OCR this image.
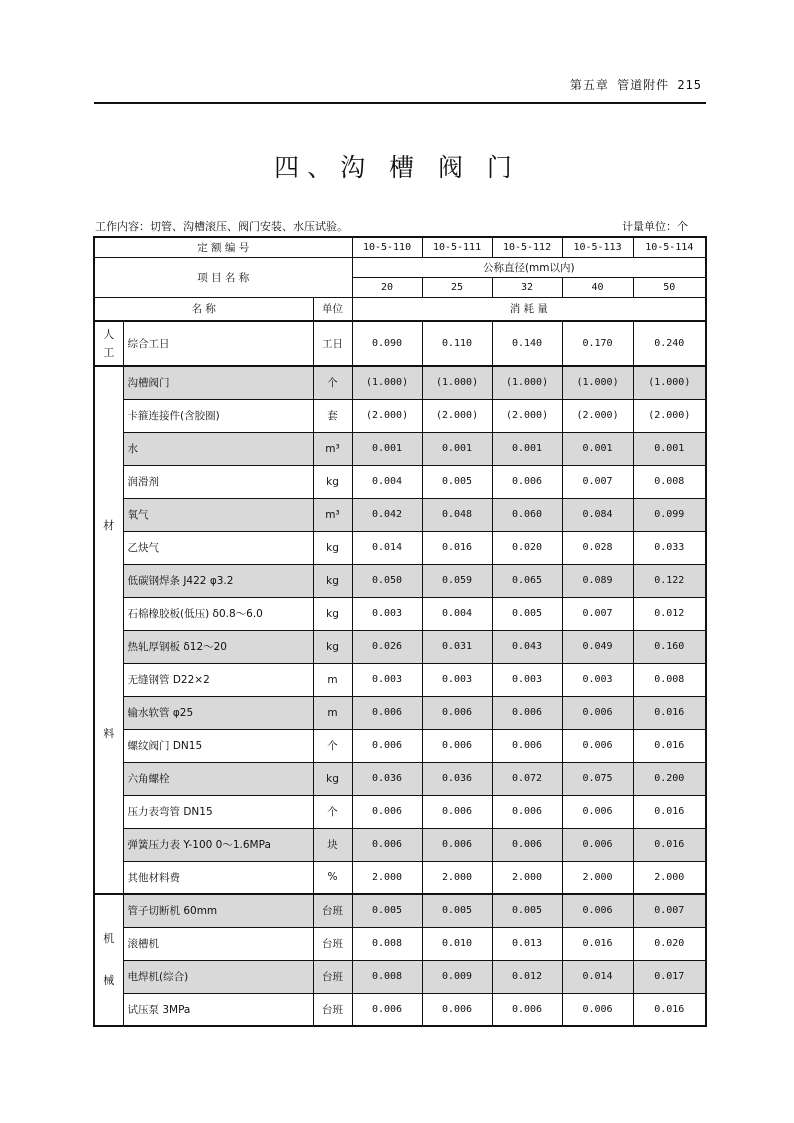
第五章 管道附件 215
四、沟 槽 阀 门
工作内容：切管、沟槽滚压、阀门安装、水压试验。	计量单位：个
定 额 编 号			10-5-110	10-5-111	10-5-112	10-5-113	10-5-114
项 目 名 称			公称直径(mm以内)				
			20	25	32	40	50
名 称		单位	消 耗 量				

人
工	综合工日	工日	0.090	0.110	0.140	0.170	0.240

材
料	沟槽阀门	个	(1.000)	(1.000)	(1.000)	(1.000)	(1.000)
	卡箍连接件(含胶圈)	套	(2.000)	(2.000)	(2.000)	(2.000)	(2.000)
	水	m³	0.001	0.001	0.001	0.001	0.001
	润滑剂	kg	0.004	0.005	0.006	0.007	0.008
	氧气	m³	0.042	0.048	0.060	0.084	0.099
	乙炔气	kg	0.014	0.016	0.020	0.028	0.033
	低碳钢焊条 J422 φ3.2	kg	0.050	0.059	0.065	0.089	0.122
	石棉橡胶板(低压) δ0.8～6.0	kg	0.003	0.004	0.005	0.007	0.012
	热轧厚钢板 δ12～20	kg	0.026	0.031	0.043	0.049	0.160
	无缝钢管 D22×2	m	0.003	0.003	0.003	0.003	0.008
	输水软管 φ25	m	0.006	0.006	0.006	0.006	0.016
	螺纹阀门 DN15	个	0.006	0.006	0.006	0.006	0.016
	六角螺栓	kg	0.036	0.036	0.072	0.075	0.200
	压力表弯管 DN15	个	0.006	0.006	0.006	0.006	0.016
	弹簧压力表 Y-100 0～1.6MPa	块	0.006	0.006	0.006	0.006	0.016
	其他材料费	%	2.000	2.000	2.000	2.000	2.000

机
械	管子切断机 60mm	台班	0.005	0.005	0.005	0.006	0.007
	滚槽机	台班	0.008	0.010	0.013	0.016	0.020
	电焊机(综合)	台班	0.008	0.009	0.012	0.014	0.017
	试压泵 3MPa	台班	0.006	0.006	0.006	0.006	0.016
